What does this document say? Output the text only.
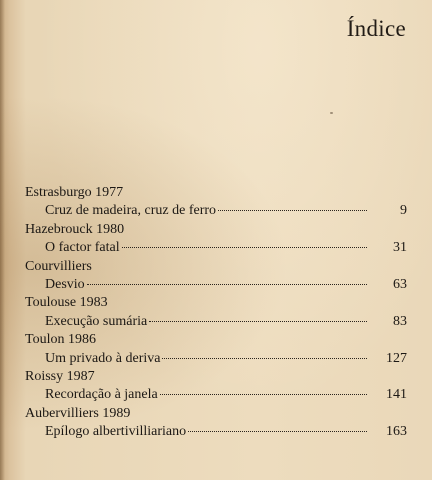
Índice
Estrasburgo 1977
Cruz de madeira, cruz de ferro	9
Hazebrouck 1980
O factor fatal	31
Courvilliers
Desvio	63
Toulouse 1983
Execução sumária	83
Toulon 1986
Um privado à deriva	127
Roissy 1987
Recordação à janela	141
Aubervilliers 1989
Epílogo albertivilliariano	163
